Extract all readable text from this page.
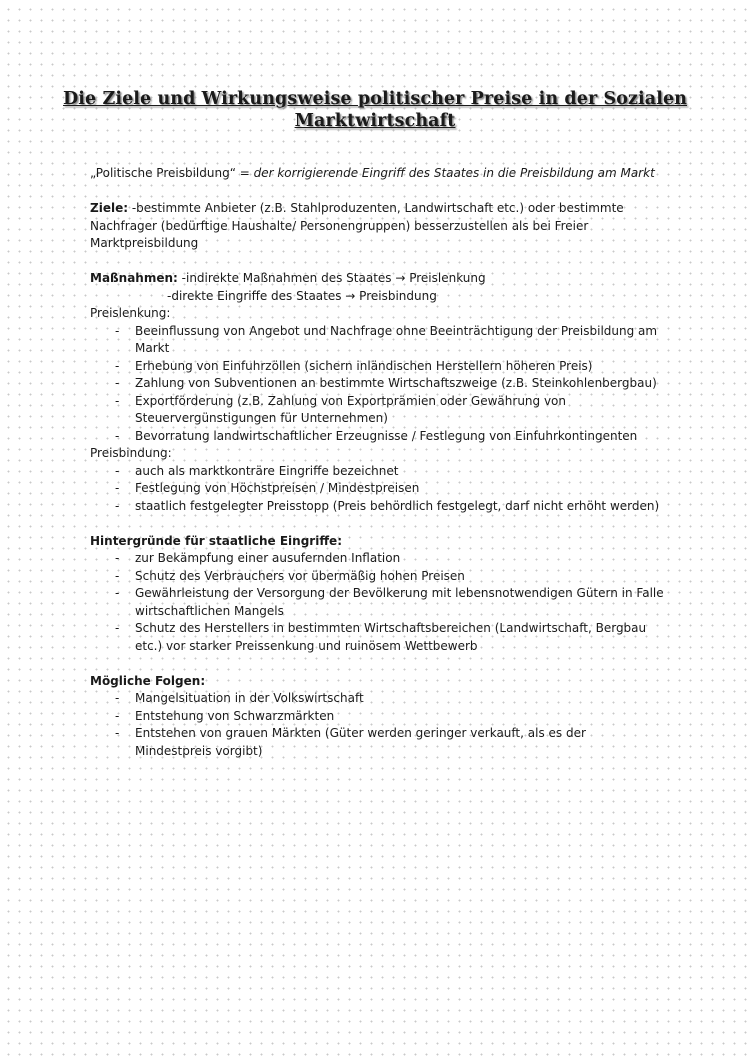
Die Ziele und Wirkungsweise politischer Preise in der Sozialen Marktwirtschaft

„Politische Preisbildung“ = der korrigierende Eingriff des Staates in die Preisbildung am Markt

Ziele: -bestimmte Anbieter (z.B. Stahlproduzenten, Landwirtschaft etc.) oder bestimmte Nachfrager (bedürftige Haushalte/ Personengruppen) besserzustellen als bei Freier Marktpreisbildung

Maßnahmen: -indirekte Maßnahmen des Staates → Preislenkung

-direkte Eingriffe des Staates → Preisbindung

Preislenkung:

- Beeinflussung von Angebot und Nachfrage ohne Beeinträchtigung der Preisbildung am Markt
- Erhebung von Einfuhrzöllen (sichern inländischen Herstellern höheren Preis)
- Zahlung von Subventionen an bestimmte Wirtschaftszweige (z.B. Steinkohlenbergbau)
- Exportförderung (z.B. Zahlung von Exportprämien oder Gewährung von Steuervergünstigungen für Unternehmen)
- Bevorratung landwirtschaftlicher Erzeugnisse / Festlegung von Einfuhrkontingenten

Preisbindung:

- auch als marktkonträre Eingriffe bezeichnet
- Festlegung von Höchstpreisen / Mindestpreisen
- staatlich festgelegter Preisstopp (Preis behördlich festgelegt, darf nicht erhöht werden)

Hintergründe für staatliche Eingriffe:

- zur Bekämpfung einer ausufernden Inflation
- Schutz des Verbrauchers vor übermäßig hohen Preisen
- Gewährleistung der Versorgung der Bevölkerung mit lebensnotwendigen Gütern in Falle wirtschaftlichen Mangels
- Schutz des Herstellers in bestimmten Wirtschaftsbereichen (Landwirtschaft, Bergbau etc.) vor starker Preissenkung und ruinösem Wettbewerb

Mögliche Folgen:

- Mangelsituation in der Volkswirtschaft
- Entstehung von Schwarzmärkten
- Entstehen von grauen Märkten (Güter werden geringer verkauft, als es der Mindestpreis vorgibt)
